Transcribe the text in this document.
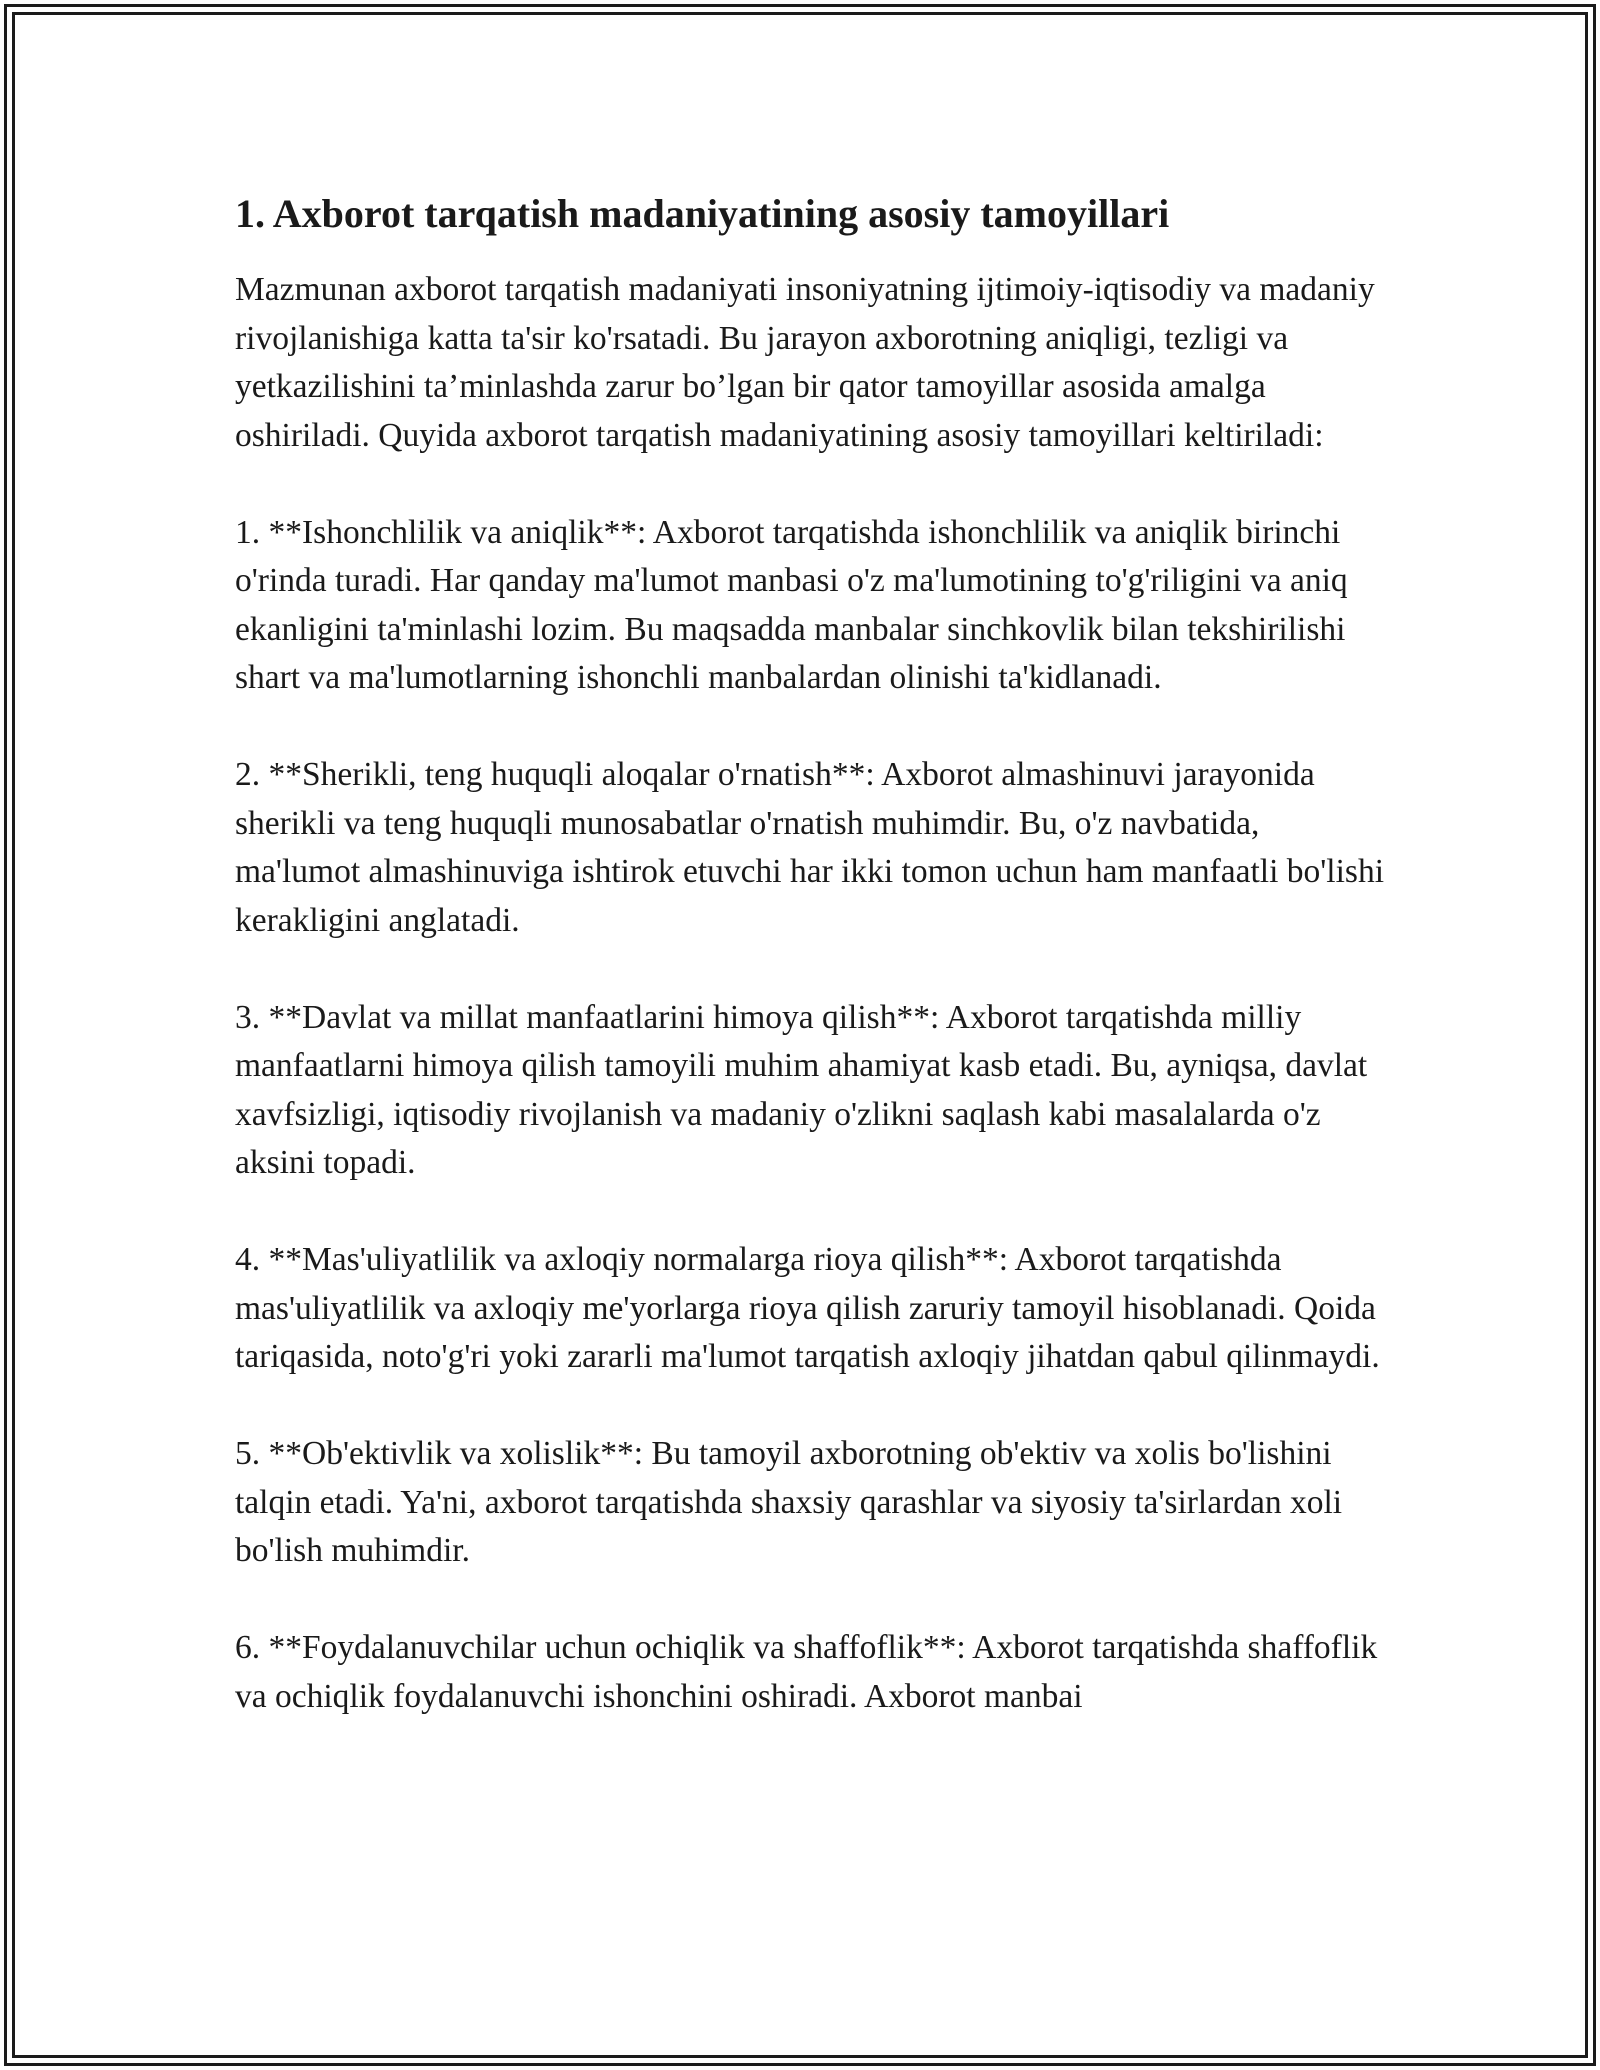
1. Axborot tarqatish madaniyatining asosiy tamoyillari

Mazmunan axborot tarqatish madaniyati insoniyatning ijtimoiy-iqtisodiy va madaniy rivojlanishiga katta ta'sir ko'rsatadi. Bu jarayon axborotning aniqligi, tezligi va yetkazilishini ta’minlashda zarur bo’lgan bir qator tamoyillar asosida amalga oshiriladi. Quyida axborot tarqatish madaniyatining asosiy tamoyillari keltiriladi:

1. **Ishonchlilik va aniqlik**: Axborot tarqatishda ishonchlilik va aniqlik birinchi o'rinda turadi. Har qanday ma'lumot manbasi o'z ma'lumotining to'g'riligini va aniq ekanligini ta'minlashi lozim. Bu maqsadda manbalar sinchkovlik bilan tekshirilishi shart va ma'lumotlarning ishonchli manbalardan olinishi ta'kidlanadi.

2. **Sherikli, teng huquqli aloqalar o'rnatish**: Axborot almashinuvi jarayonida sherikli va teng huquqli munosabatlar o'rnatish muhimdir. Bu, o'z navbatida, ma'lumot almashinuviga ishtirok etuvchi har ikki tomon uchun ham manfaatli bo'lishi kerakligini anglatadi.

3. **Davlat va millat manfaatlarini himoya qilish**: Axborot tarqatishda milliy manfaatlarni himoya qilish tamoyili muhim ahamiyat kasb etadi. Bu, ayniqsa, davlat xavfsizligi, iqtisodiy rivojlanish va madaniy o'zlikni saqlash kabi masalalarda o'z aksini topadi.

4. **Mas'uliyatlilik va axloqiy normalarga rioya qilish**: Axborot tarqatishda mas'uliyatlilik va axloqiy me'yorlarga rioya qilish zaruriy tamoyil hisoblanadi. Qoida tariqasida, noto'g'ri yoki zararli ma'lumot tarqatish axloqiy jihatdan qabul qilinmaydi.

5. **Ob'ektivlik va xolislik**: Bu tamoyil axborotning ob'ektiv va xolis bo'lishini talqin etadi. Ya'ni, axborot tarqatishda shaxsiy qarashlar va siyosiy ta'sirlardan xoli bo'lish muhimdir.

6. **Foydalanuvchilar uchun ochiqlik va shaffoflik**: Axborot tarqatishda shaffoflik va ochiqlik foydalanuvchi ishonchini oshiradi. Axborot manbai
